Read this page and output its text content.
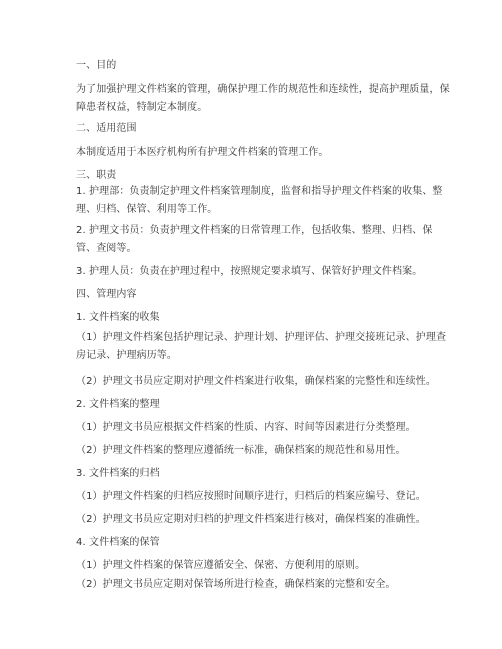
一、目的
为了加强护理文件档案的管理，确保护理工作的规范性和连续性，提高护理质量，保障患者权益，特制定本制度。
二、适用范围
本制度适用于本医疗机构所有护理文件档案的管理工作。
三、职责
1. 护理部：负责制定护理文件档案管理制度，监督和指导护理文件档案的收集、整理、归档、保管、利用等工作。
2. 护理文书员：负责护理文件档案的日常管理工作，包括收集、整理、归档、保管、查阅等。
3. 护理人员：负责在护理过程中，按照规定要求填写、保管好护理文件档案。
四、管理内容
1. 文件档案的收集
（1）护理文件档案包括护理记录、护理计划、护理评估、护理交接班记录、护理查房记录、护理病历等。
（2）护理文书员应定期对护理文件档案进行收集，确保档案的完整性和连续性。
2. 文件档案的整理
（1）护理文书员应根据文件档案的性质、内容、时间等因素进行分类整理。
（2）护理文件档案的整理应遵循统一标准，确保档案的规范性和易用性。
3. 文件档案的归档
（1）护理文件档案的归档应按照时间顺序进行，归档后的档案应编号、登记。
（2）护理文书员应定期对归档的护理文件档案进行核对，确保档案的准确性。
4. 文件档案的保管
（1）护理文件档案的保管应遵循安全、保密、方便利用的原则。
（2）护理文书员应定期对保管场所进行检查，确保档案的完整和安全。
